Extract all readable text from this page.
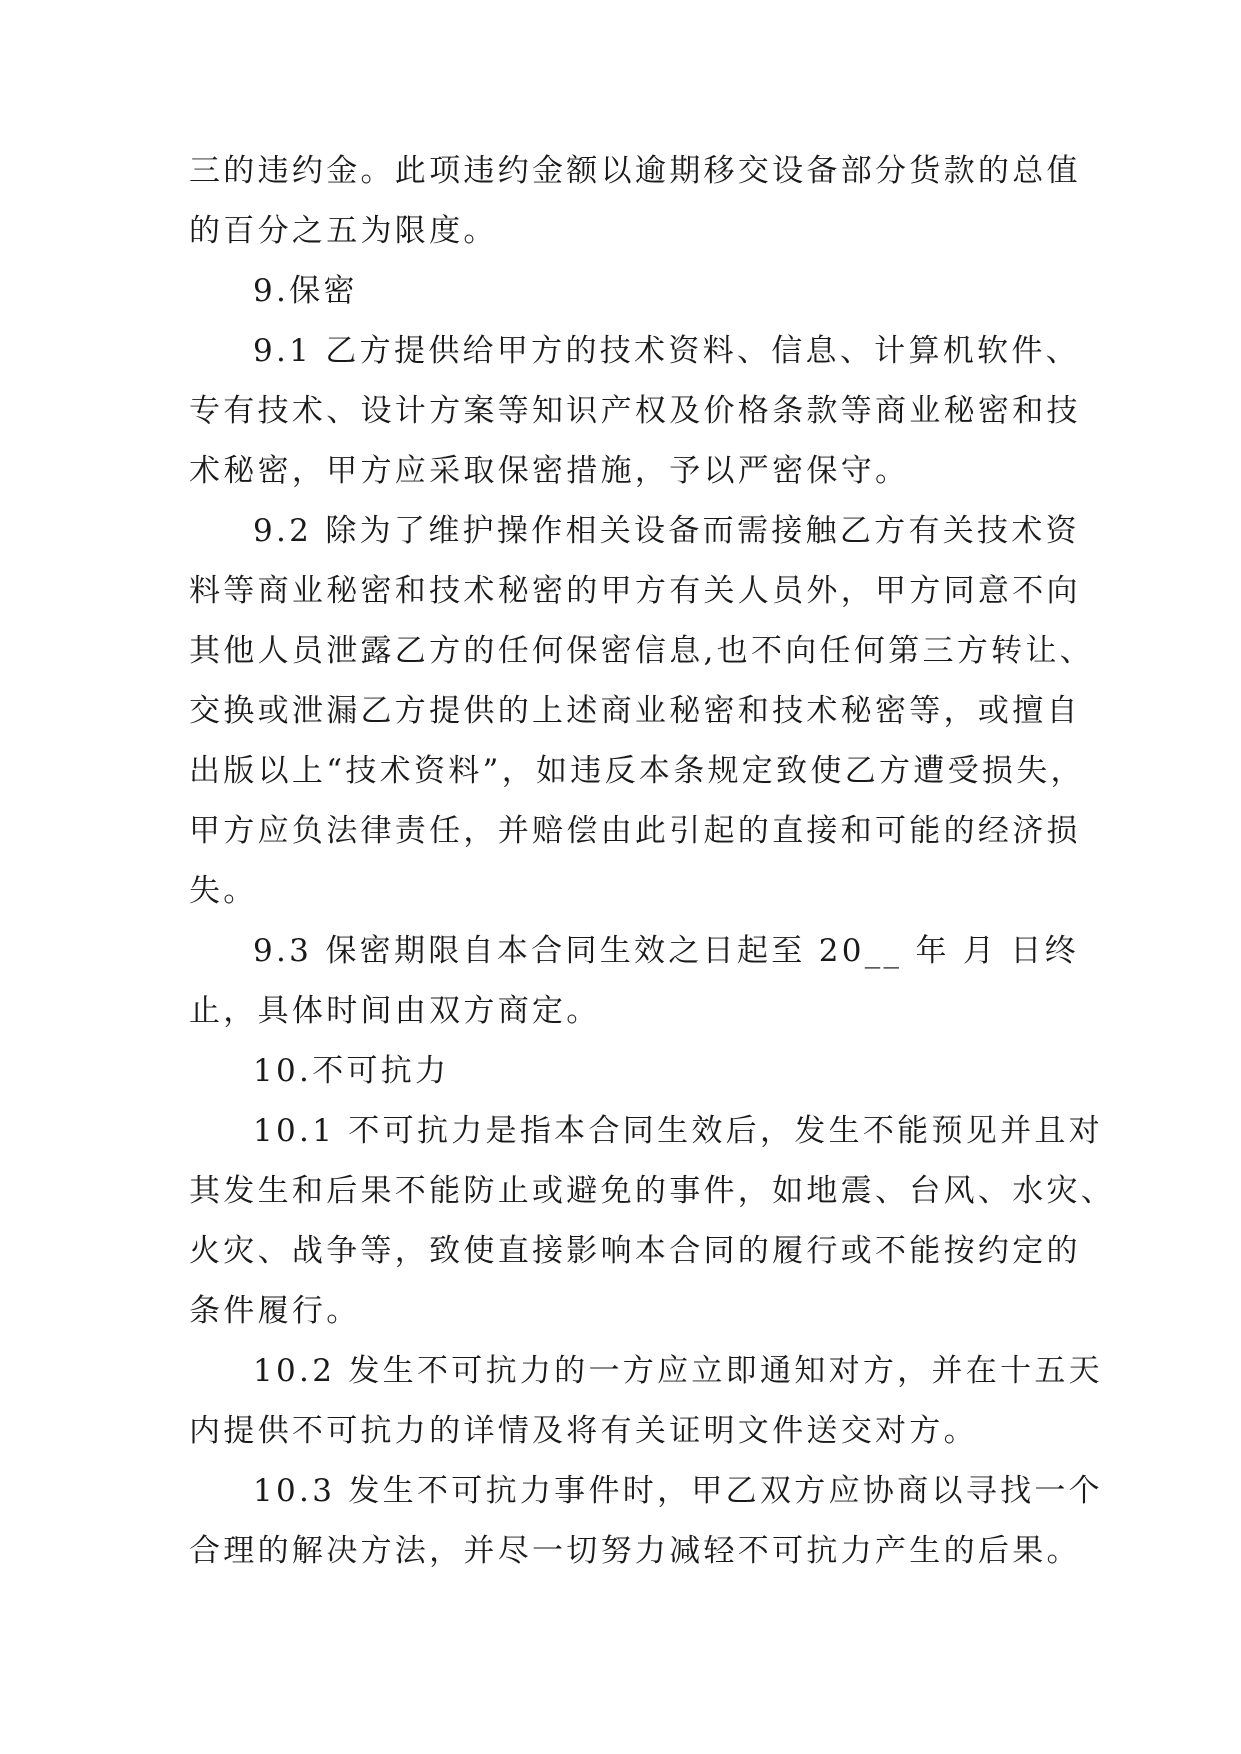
三的违约金。此项违约金额以逾期移交设备部分货款的总值
的百分之五为限度。
9.保密
9.1 乙方提供给甲方的技术资料、信息、计算机软件、
专有技术、设计方案等知识产权及价格条款等商业秘密和技
术秘密，甲方应采取保密措施，予以严密保守。
9.2 除为了维护操作相关设备而需接触乙方有关技术资
料等商业秘密和技术秘密的甲方有关人员外，甲方同意不向
其他人员泄露乙方的任何保密信息,也不向任何第三方转让、
交换或泄漏乙方提供的上述商业秘密和技术秘密等，或擅自
出版以上“技术资料”，如违反本条规定致使乙方遭受损失，
甲方应负法律责任，并赔偿由此引起的直接和可能的经济损
失。
9.3 保密期限自本合同生效之日起至 20__ 年 月 日终
止，具体时间由双方商定。
10.不可抗力
10.1 不可抗力是指本合同生效后，发生不能预见并且对
其发生和后果不能防止或避免的事件，如地震、台风、水灾、
火灾、战争等，致使直接影响本合同的履行或不能按约定的
条件履行。
10.2 发生不可抗力的一方应立即通知对方，并在十五天
内提供不可抗力的详情及将有关证明文件送交对方。
10.3 发生不可抗力事件时，甲乙双方应协商以寻找一个
合理的解决方法，并尽一切努力减轻不可抗力产生的后果。
